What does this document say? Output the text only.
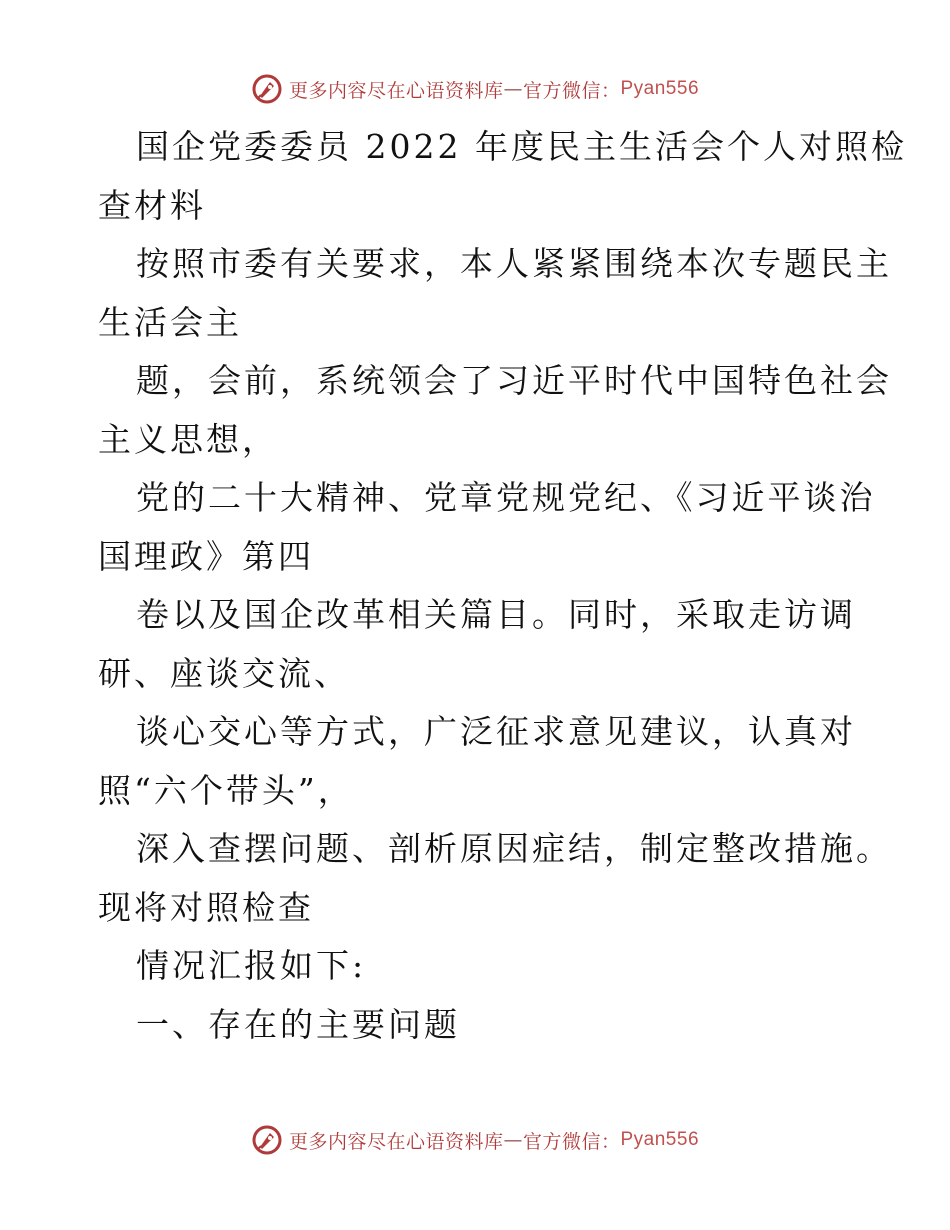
更多内容尽在心语资料库 — 官方微信： Pyan556
国企党委委员 2022 年度民主生活会个人对照检
查材料
按照市委有关要求，本人紧紧围绕本次专题民主
生活会主
题，会前，系统领会了习近平时代中国特色社会
主义思想，
党的二十大精神、党章党规党纪、《习近平谈治
国理政》第四
卷以及国企改革相关篇目。同时，采取走访调
研、座谈交流、
谈心交心等方式，广泛征求意见建议，认真对
照“六个带头”，
深入查摆问题、剖析原因症结，制定整改措施。
现将对照检查
情况汇报如下:
一、存在的主要问题
更多内容尽在心语资料库 — 官方微信： Pyan556
